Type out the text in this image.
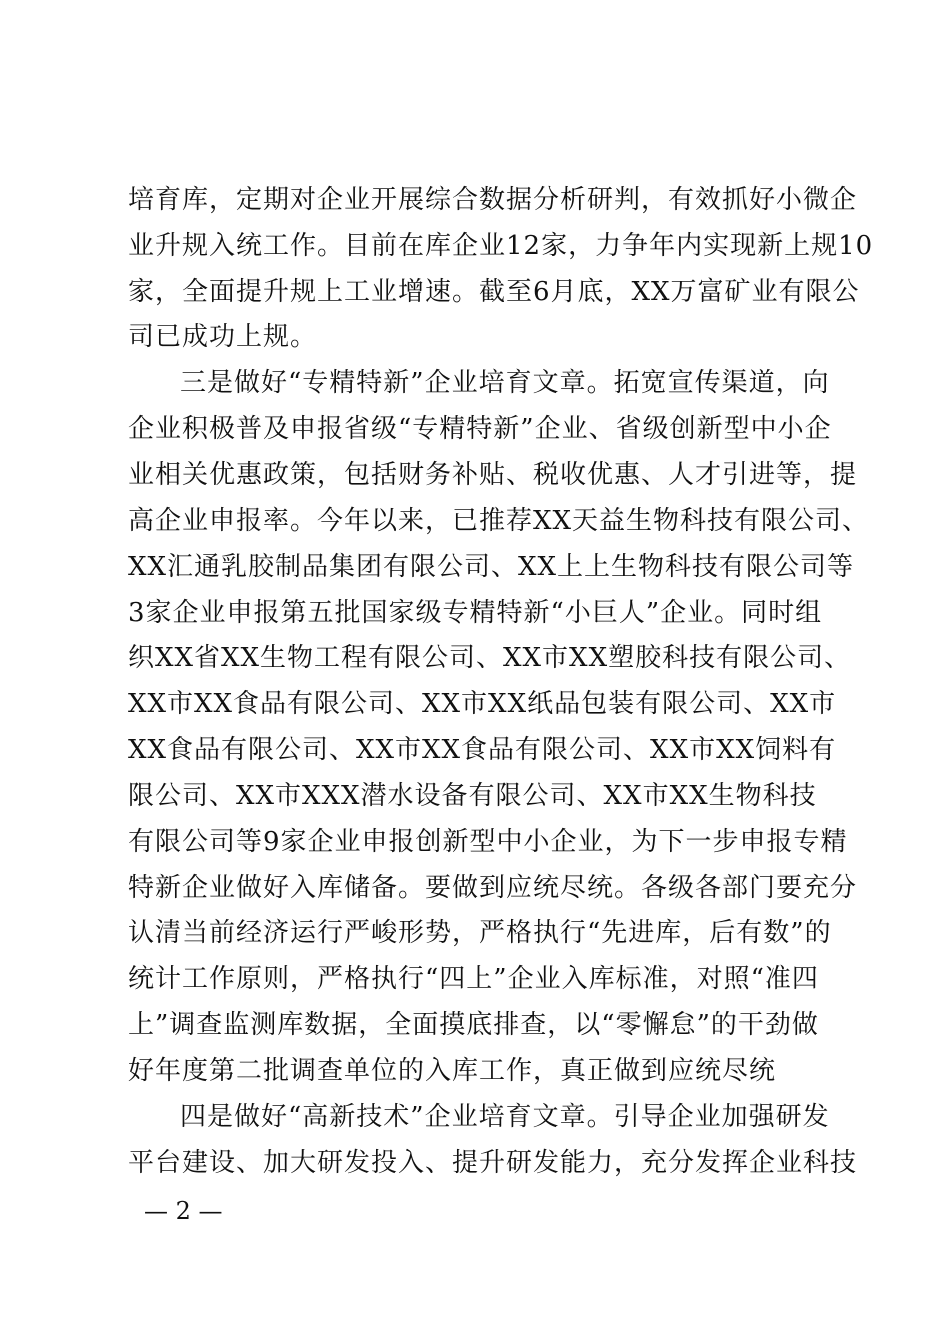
培育库，定期对企业开展综合数据分析研判，有效抓好小微企
业升规入统工作。目前在库企业12家，力争年内实现新上规10
家，全面提升规上工业增速。截至6月底，XX万富矿业有限公
司已成功上规。
三是做好“专精特新”企业培育文章。拓宽宣传渠道，向
企业积极普及申报省级“专精特新”企业、省级创新型中小企
业相关优惠政策，包括财务补贴、税收优惠、人才引进等，提
高企业申报率。今年以来，已推荐XX天益生物科技有限公司、
XX汇通乳胶制品集团有限公司、XX上上生物科技有限公司等
3家企业申报第五批国家级专精特新“小巨人”企业。同时组
织XX省XX生物工程有限公司、XX市XX塑胶科技有限公司、
XX市XX食品有限公司、XX市XX纸品包装有限公司、XX市
XX食品有限公司、XX市XX食品有限公司、XX市XX饲料有
限公司、XX市XXX潜水设备有限公司、XX市XX生物科技
有限公司等9家企业申报创新型中小企业，为下一步申报专精
特新企业做好入库储备。要做到应统尽统。各级各部门要充分
认清当前经济运行严峻形势，严格执行“先进库，后有数”的
统计工作原则，严格执行“四上”企业入库标准，对照“准四
上”调查监测库数据，全面摸底排查，以“零懈怠”的干劲做
好年度第二批调查单位的入库工作，真正做到应统尽统
四是做好“高新技术”企业培育文章。引导企业加强研发
平台建设、加大研发投入、提升研发能力，充分发挥企业科技
— 2 —
